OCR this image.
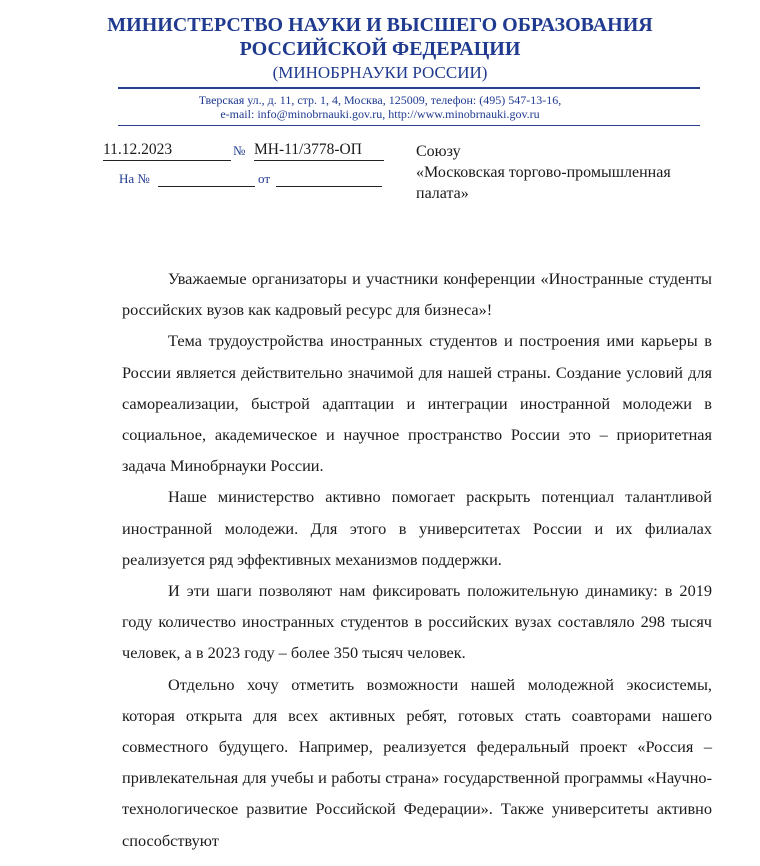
МИНИСТЕРСТВО НАУКИ И ВЫСШЕГО ОБРАЗОВАНИЯ
РОССИЙСКОЙ ФЕДЕРАЦИИ
(МИНОБРНАУКИ РОССИИ)
Тверская ул., д. 11, стр. 1, 4, Москва, 125009, телефон: (495) 547-13-16,
e-mail: info@minobrnauki.gov.ru, http://www.minobrnauki.gov.ru
11.12.2023	№ МН-11/3778-ОП
На №	от
Союзу
«Московская торгово-промышленная
палата»

Уважаемые организаторы и участники конференции «Иностранные студенты российских вузов как кадровый ресурс для бизнеса»!

Тема трудоустройства иностранных студентов и построения ими карьеры в России является действительно значимой для нашей страны. Создание условий для самореализации, быстрой адаптации и интеграции иностранной молодежи в социальное, академическое и научное пространство России это – приоритетная задача Минобрнауки России.

Наше министерство активно помогает раскрыть потенциал талантливой иностранной молодежи. Для этого в университетах России и их филиалах реализуется ряд эффективных механизмов поддержки.

И эти шаги позволяют нам фиксировать положительную динамику: в 2019 году количество иностранных студентов в российских вузах составляло 298 тысяч человек, а в 2023 году – более 350 тысяч человек.

Отдельно хочу отметить возможности нашей молодежной экосистемы, которая открыта для всех активных ребят, готовых стать соавторами нашего совместного будущего. Например, реализуется федеральный проект «Россия – привлекательная для учебы и работы страна» государственной программы «Научно-технологическое развитие Российской Федерации». Также университеты активно способствуют
